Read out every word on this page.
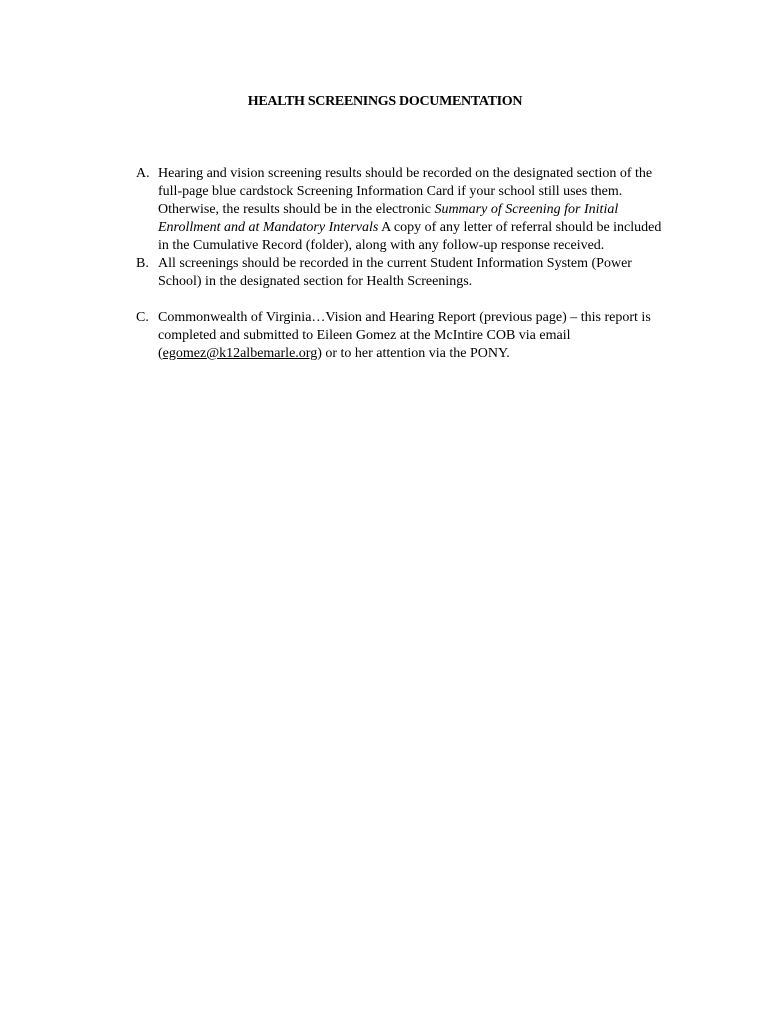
HEALTH SCREENINGS DOCUMENTATION
A. Hearing and vision screening results should be recorded on the designated section of the full-page blue cardstock Screening Information Card if your school still uses them. Otherwise, the results should be in the electronic Summary of Screening for Initial Enrollment and at Mandatory Intervals A copy of any letter of referral should be included in the Cumulative Record (folder), along with any follow-up response received.
B. All screenings should be recorded in the current Student Information System (Power School) in the designated section for Health Screenings.
C. Commonwealth of Virginia…Vision and Hearing Report (previous page) – this report is completed and submitted to Eileen Gomez at the McIntire COB via email (egomez@k12albemarle.org) or to her attention via the PONY.
